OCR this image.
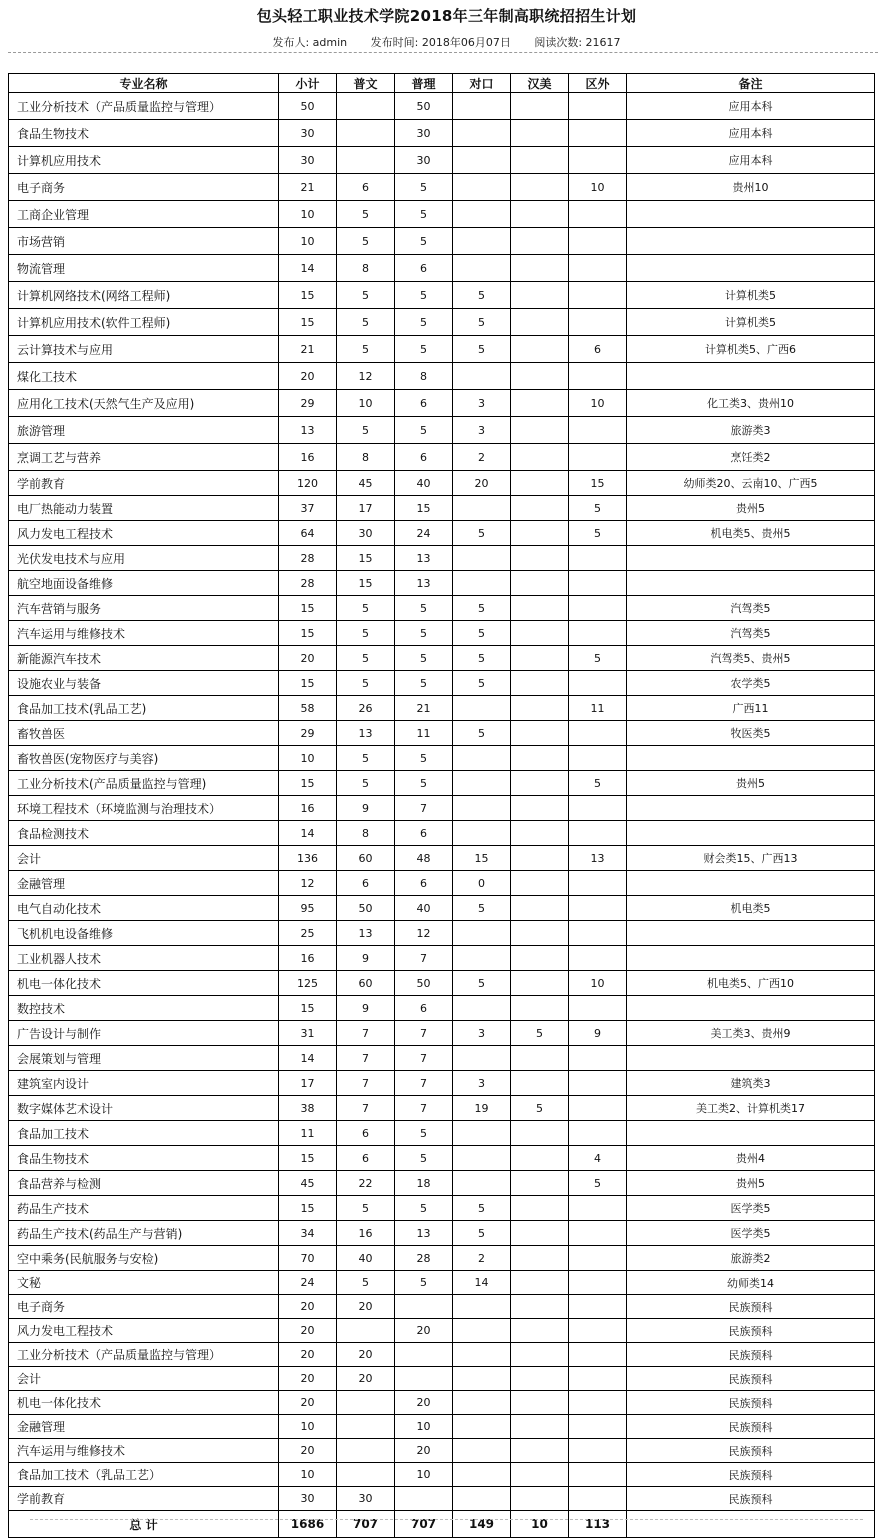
包头轻工职业技术学院2018年三年制高职统招招生计划
发布人: admin 发布时间: 2018年06月07日 阅读次数: 21617
专业名称	小计	普文	普理	对口	汉美	区外	备注
工业分析技术（产品质量监控与管理）	50		50				应用本科
食品生物技术	30		30				应用本科
计算机应用技术	30		30				应用本科
电子商务	21	6	5			10	贵州10
工商企业管理	10	5	5				
市场营销	10	5	5				
物流管理	14	8	6				
计算机网络技术(网络工程师)	15	5	5	5			计算机类5
计算机应用技术(软件工程师)	15	5	5	5			计算机类5
云计算技术与应用	21	5	5	5		6	计算机类5、广西6
煤化工技术	20	12	8				
应用化工技术(天然气生产及应用)	29	10	6	3		10	化工类3、贵州10
旅游管理	13	5	5	3			旅游类3
烹调工艺与营养	16	8	6	2			烹饪类2
学前教育	120	45	40	20		15	幼师类20、云南10、广西5
电厂热能动力装置	37	17	15			5	贵州5
风力发电工程技术	64	30	24	5		5	机电类5、贵州5
光伏发电技术与应用	28	15	13				
航空地面设备维修	28	15	13				
汽车营销与服务	15	5	5	5			汽驾类5
汽车运用与维修技术	15	5	5	5			汽驾类5
新能源汽车技术	20	5	5	5		5	汽驾类5、贵州5
设施农业与装备	15	5	5	5			农学类5
食品加工技术(乳品工艺)	58	26	21			11	广西11
畜牧兽医	29	13	11	5			牧医类5
畜牧兽医(宠物医疗与美容)	10	5	5				
工业分析技术(产品质量监控与管理)	15	5	5			5	贵州5
环境工程技术（环境监测与治理技术）	16	9	7				
食品检测技术	14	8	6				
会计	136	60	48	15		13	财会类15、广西13
金融管理	12	6	6	0			
电气自动化技术	95	50	40	5			机电类5
飞机机电设备维修	25	13	12				
工业机器人技术	16	9	7				
机电一体化技术	125	60	50	5		10	机电类5、广西10
数控技术	15	9	6				
广告设计与制作	31	7	7	3	5	9	美工类3、贵州9
会展策划与管理	14	7	7				
建筑室内设计	17	7	7	3			建筑类3
数字媒体艺术设计	38	7	7	19	5		美工类2、计算机类17
食品加工技术	11	6	5				
食品生物技术	15	6	5			4	贵州4
食品营养与检测	45	22	18			5	贵州5
药品生产技术	15	5	5	5			医学类5
药品生产技术(药品生产与营销)	34	16	13	5			医学类5
空中乘务(民航服务与安检)	70	40	28	2			旅游类2
文秘	24	5	5	14			幼师类14
电子商务	20	20					民族预科
风力发电工程技术	20		20				民族预科
工业分析技术（产品质量监控与管理）	20	20					民族预科
会计	20	20					民族预科
机电一体化技术	20		20				民族预科
金融管理	10		10				民族预科
汽车运用与维修技术	20		20				民族预科
食品加工技术（乳品工艺）	10		10				民族预科
学前教育	30	30					民族预科
总 计	1686	707	707	149	10	113	
